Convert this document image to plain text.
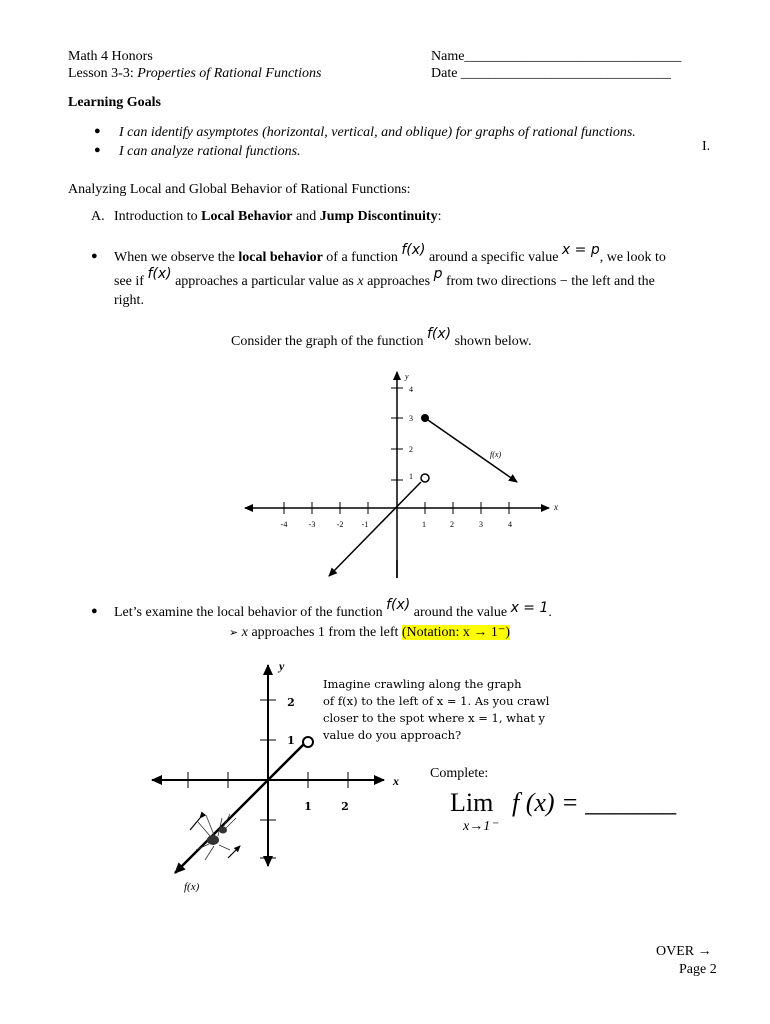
Math 4 Honors
Lesson 3-3: Properties of Rational Functions
Name_______________________________
Date ______________________________
Learning Goals
● I can identify asymptotes (horizontal, vertical, and oblique) for graphs of rational functions.
● I can analyze rational functions.	I.
Analyzing Local and Global Behavior of Rational Functions:
A. Introduction to Local Behavior and Jump Discontinuity:
● When we observe the local behavior of a function f(x) around a specific value x = p, we look to
see if f(x) approaches a particular value as x approaches p from two directions − the left and the
right.
Consider the graph of the function f(x) shown below.
-4	-3	-2 -1	1	2	3	4
1
2
3
4
y
x
f(x)
● Let’s examine the local behavior of the function f(x) around the value x = 1.
➢ x approaches 1 from the left (Notation: x → 1⁻)
1	2
1
2
y
x
f(x)
Imagine crawling along the graph
of f(x) to the left of x = 1. As you crawl
closer to the spot where x = 1, what y
value do you approach?
Complete:
Lim f (x) = _______
x→1⁻
OVER →
Page 2
